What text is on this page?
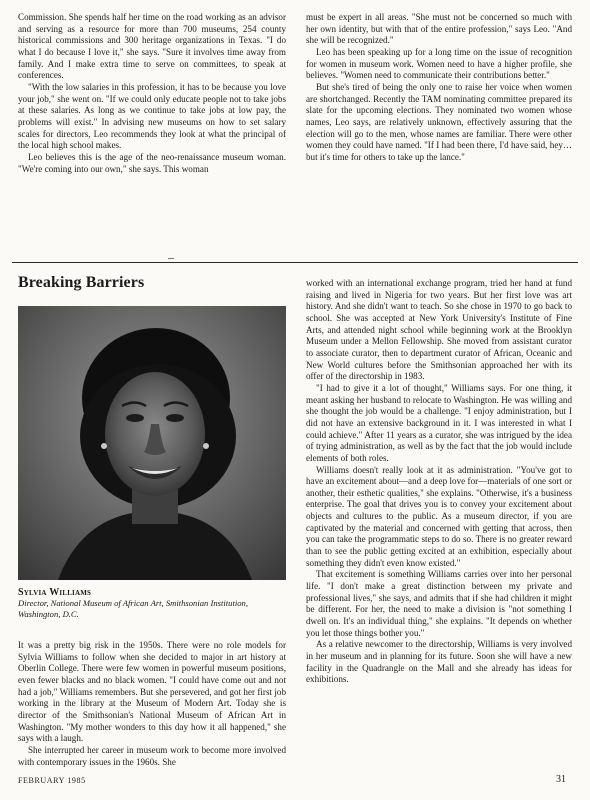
Commission. She spends half her time on the road working as an advisor and serving as a resource for more than 700 museums, 254 county historical commissions and 300 heritage organizations in Texas. "I do what I do because I love it," she says. "Sure it involves time away from family. And I make extra time to serve on committees, to speak at conferences.

"With the low salaries in this profession, it has to be because you love your job," she went on. "If we could only educate people not to take jobs at these salaries. As long as we continue to take jobs at low pay, the problems will exist." In advising new museums on how to set salary scales for directors, Leo recommends they look at what the principal of the local high school makes.

Leo believes this is the age of the neo-renaissance museum woman. "We're coming into our own," she says. This woman

must be expert in all areas. "She must not be concerned so much with her own identity, but with that of the entire profession," says Leo. "And she will be recognized."

Leo has been speaking up for a long time on the issue of recognition for women in museum work. Women need to have a higher profile, she believes. "Women need to communicate their contributions better."

But she's tired of being the only one to raise her voice when women are shortchanged. Recently the TAM nominating committee prepared its slate for the upcoming elections. They nominated two women whose names, Leo says, are relatively unknown, effectively assuring that the election will go to the men, whose names are familiar. There were other women they could have named. "If I had been there, I'd have said, hey…but it's time for others to take up the lance."

Breaking Barriers
Sylvia Williams
Director, National Museum of African Art, Smithsonian Institution, Washington, D.C.

It was a pretty big risk in the 1950s. There were no role models for Sylvia Williams to follow when she decided to major in art history at Oberlin College. There were few women in powerful museum positions, even fewer blacks and no black women. "I could have come out and not had a job," Williams remembers. But she persevered, and got her first job working in the library at the Museum of Modern Art. Today she is director of the Smithsonian's National Museum of African Art in Washington. "My mother wonders to this day how it all happened," she says with a laugh.

She interrupted her career in museum work to become more involved with contemporary issues in the 1960s. She

worked with an international exchange program, tried her hand at fund raising and lived in Nigeria for two years. But her first love was art history. And she didn't want to teach. So she chose in 1970 to go back to school. She was accepted at New York University's Institute of Fine Arts, and attended night school while beginning work at the Brooklyn Museum under a Mellon Fellowship. She moved from assistant curator to associate curator, then to department curator of African, Oceanic and New World cultures before the Smithsonian approached her with its offer of the directorship in 1983.

"I had to give it a lot of thought," Williams says. For one thing, it meant asking her husband to relocate to Washington. He was willing and she thought the job would be a challenge. "I enjoy administration, but I did not have an extensive background in it. I was interested in what I could achieve." After 11 years as a curator, she was intrigued by the idea of trying administration, as well as by the fact that the job would include elements of both roles.

Williams doesn't really look at it as administration. "You've got to have an excitement about—and a deep love for—materials of one sort or another, their esthetic qualities," she explains. "Otherwise, it's a business enterprise. The goal that drives you is to convey your excitement about objects and cultures to the public. As a museum director, if you are captivated by the material and concerned with getting that across, then you can take the programmatic steps to do so. There is no greater reward than to see the public getting excited at an exhibition, especially about something they didn't even know existed."

That excitement is something Williams carries over into her personal life. "I don't make a great distinction between my private and professional lives," she says, and admits that if she had children it might be different. For her, the need to make a division is "not something I dwell on. It's an individual thing," she explains. "It depends on whether you let those things bother you."

As a relative newcomer to the directorship, Williams is very involved in her museum and in planning for its future. Soon she will have a new facility in the Quadrangle on the Mall and she already has ideas for exhibitions.

FEBRUARY 1985	31
